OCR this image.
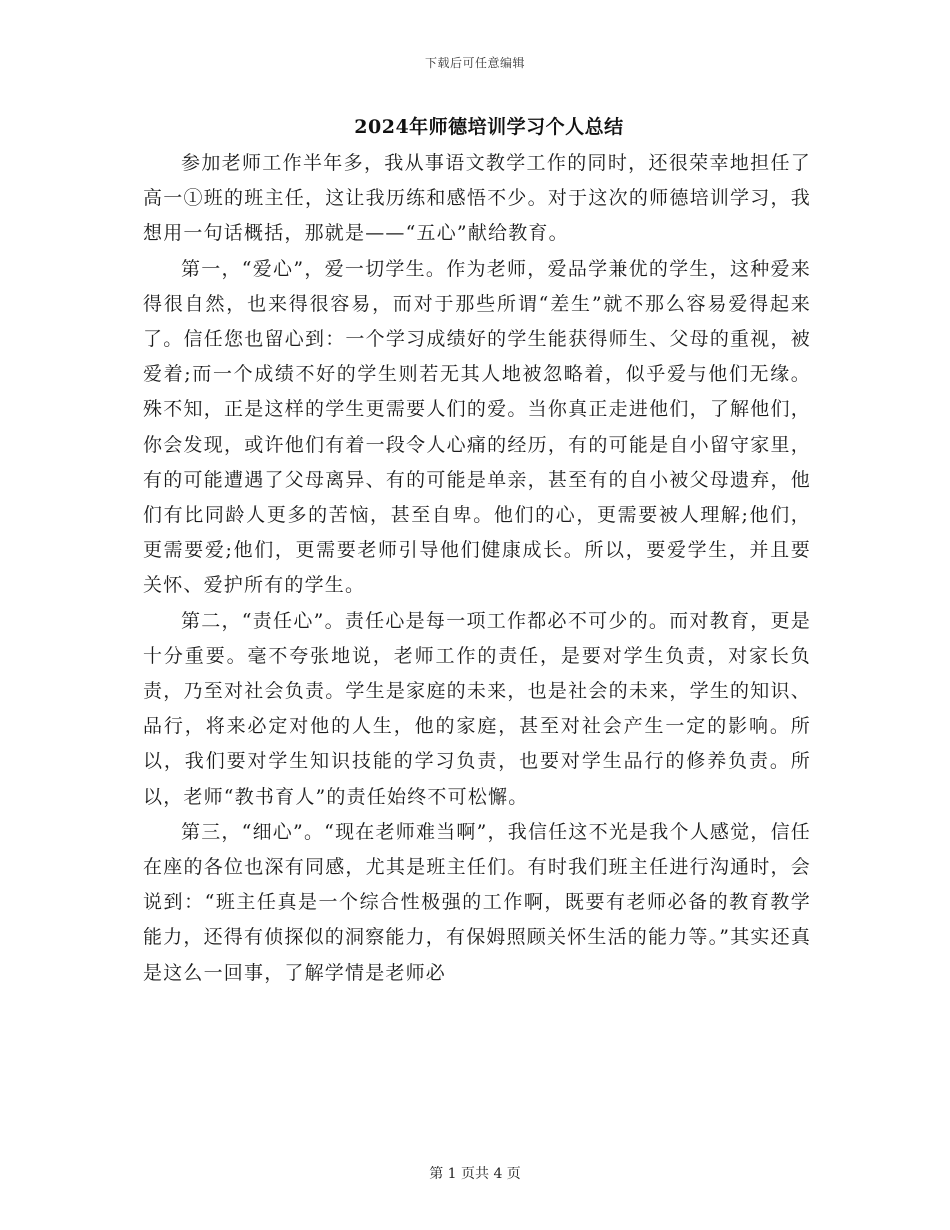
下载后可任意编辑
2024年师德培训学习个人总结

参加老师工作半年多，我从事语文教学工作的同时，还很荣幸地担任了高一①班的班主任，这让我历练和感悟不少。对于这次的师德培训学习，我想用一句话概括，那就是——“五心”献给教育。

第一，“爱心”，爱一切学生。作为老师，爱品学兼优的学生，这种爱来得很自然，也来得很容易，而对于那些所谓“差生”就不那么容易爱得起来了。信任您也留心到：一个学习成绩好的学生能获得师生、父母的重视，被爱着;而一个成绩不好的学生则若无其人地被忽略着，似乎爱与他们无缘。殊不知，正是这样的学生更需要人们的爱。当你真正走进他们，了解他们，你会发现，或许他们有着一段令人心痛的经历，有的可能是自小留守家里，有的可能遭遇了父母离异、有的可能是单亲，甚至有的自小被父母遗弃，他们有比同龄人更多的苦恼，甚至自卑。他们的心，更需要被人理解;他们，更需要爱;他们，更需要老师引导他们健康成长。所以，要爱学生，并且要关怀、爱护所有的学生。

第二，“责任心”。责任心是每一项工作都必不可少的。而对教育，更是十分重要。毫不夸张地说，老师工作的责任，是要对学生负责，对家长负责，乃至对社会负责。学生是家庭的未来，也是社会的未来，学生的知识、品行，将来必定对他的人生，他的家庭，甚至对社会产生一定的影响。所以，我们要对学生知识技能的学习负责，也要对学生品行的修养负责。所以，老师“教书育人”的责任始终不可松懈。

第三，“细心”。“现在老师难当啊”，我信任这不光是我个人感觉，信任在座的各位也深有同感，尤其是班主任们。有时我们班主任进行沟通时，会说到：“班主任真是一个综合性极强的工作啊，既要有老师必备的教育教学能力，还得有侦探似的洞察能力，有保姆照顾关怀生活的能力等。”其实还真是这么一回事，了解学情是老师必

第 1 页共 4 页
